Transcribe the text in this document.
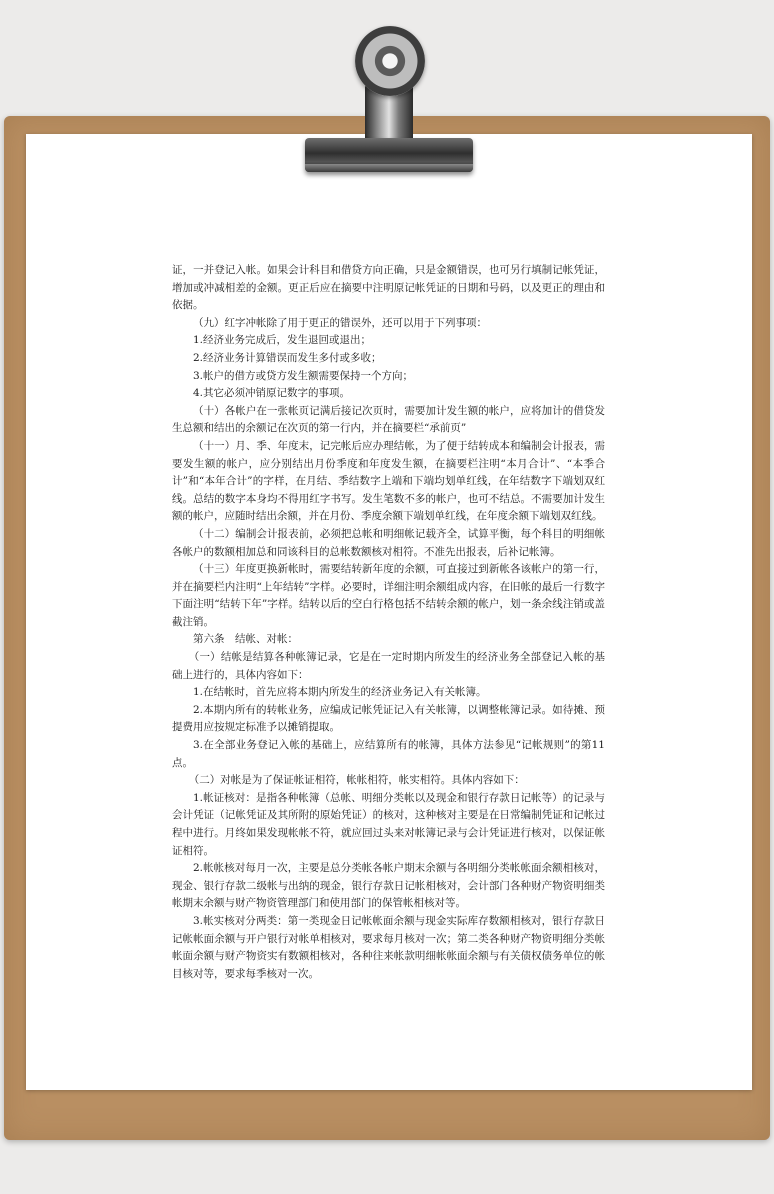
证，一并登记入帐。如果会计科目和借贷方向正确，只是金额错误，也可另行填制记帐凭证，增加或冲减相差的金额。更正后应在摘要中注明原记帐凭证的日期和号码，以及更正的理由和依据。

（九）红字冲帐除了用于更正的错误外，还可以用于下列事项：

1.经济业务完成后，发生退回或退出；

2.经济业务计算错误而发生多付或多收；

3.帐户的借方或贷方发生额需要保持一个方向；

4.其它必须冲销原记数字的事项。

（十）各帐户在一张帐页记满后接记次页时，需要加计发生额的帐户，应将加计的借贷发生总额和结出的余额记在次页的第一行内，并在摘要栏“承前页”

（十一）月、季、年度末，记完帐后应办理结帐，为了便于结转成本和编制会计报表，需要发生额的帐户，应分别结出月份季度和年度发生额，在摘要栏注明“本月合计”、“本季合计”和“本年合计”的字样，在月结、季结数字上端和下端均划单红线，在年结数字下端划双红线。总结的数字本身均不得用红字书写。发生笔数不多的帐户，也可不结总。不需要加计发生额的帐户，应随时结出余额，并在月份、季度余额下端划单红线，在年度余额下端划双红线。

（十二）编制会计报表前，必须把总帐和明细帐记载齐全，试算平衡，每个科目的明细帐各帐户的数额相加总和同该科目的总帐数额核对相符。不准先出报表，后补记帐簿。

（十三）年度更换新帐时，需要结转新年度的余额，可直接过到新帐各该帐户的第一行，并在摘要栏内注明“上年结转”字样。必要时，详细注明余额组成内容，在旧帐的最后一行数字下面注明“结转下年”字样。结转以后的空白行格包括不结转余额的帐户，划一条余线注销或盖截注销。

第六条　结帐、对帐：

（一）结帐是结算各种帐簿记录，它是在一定时期内所发生的经济业务全部登记入帐的基础上进行的，具体内容如下：

1.在结帐时，首先应将本期内所发生的经济业务记入有关帐簿。

2.本期内所有的转帐业务，应编成记帐凭证记入有关帐簿，以调整帐簿记录。如待摊、预提费用应按规定标准予以摊销提取。

3.在全部业务登记入帐的基础上，应结算所有的帐簿，具体方法参见“记帐规则”的第11点。

（二）对帐是为了保证帐证相符，帐帐相符，帐实相符。具体内容如下：

1.帐证核对：是指各种帐簿（总帐、明细分类帐以及现金和银行存款日记帐等）的记录与会计凭证（记帐凭证及其所附的原始凭证）的核对，这种核对主要是在日常编制凭证和记帐过程中进行。月终如果发现帐帐不符，就应回过头来对帐簿记录与会计凭证进行核对，以保证帐证相符。

2.帐帐核对每月一次，主要是总分类帐各帐户期末余额与各明细分类帐帐面余额相核对，现金、银行存款二级帐与出纳的现金，银行存款日记帐相核对，会计部门各种财产物资明细类帐期末余额与财产物资管理部门和使用部门的保管帐相核对等。

3.帐实核对分两类：第一类现金日记帐帐面余额与现金实际库存数额相核对，银行存款日记帐帐面余额与开户银行对帐单相核对，要求每月核对一次；第二类各种财产物资明细分类帐帐面余额与财产物资实有数额相核对，各种往来帐款明细帐帐面余额与有关债权债务单位的帐目核对等，要求每季核对一次。
